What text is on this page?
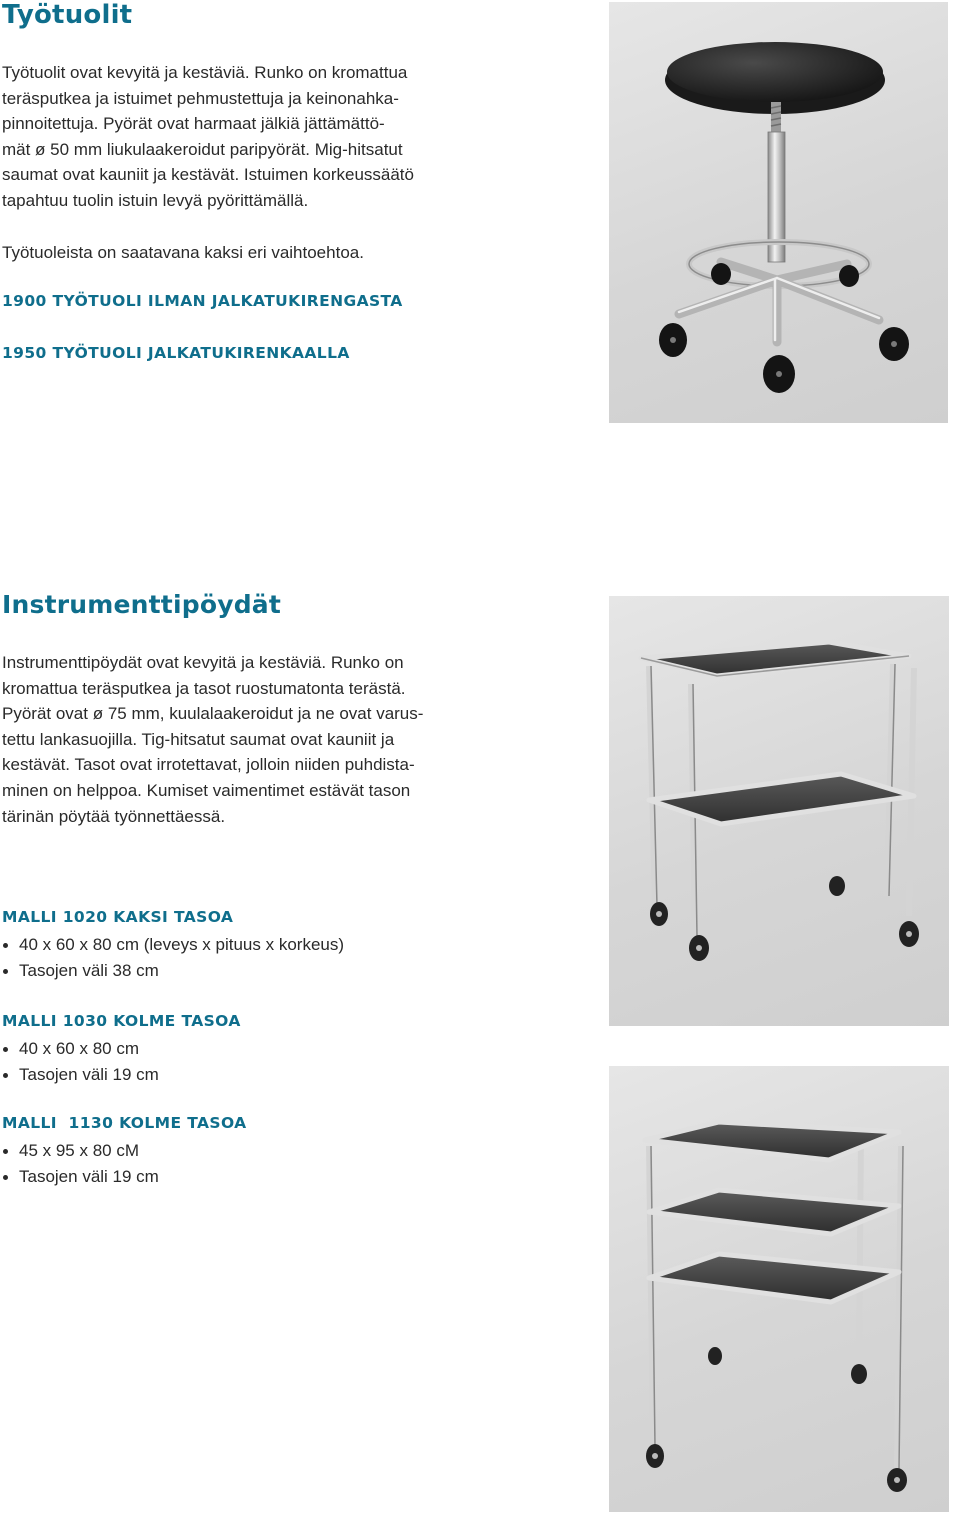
Työtuolit
Työtuolit ovat kevyitä ja kestäviä. Runko on kromattua
teräsputkea ja istuimet pehmustettuja ja keinonahka-
pinnoitettuja. Pyörät ovat harmaat jälkiä jättämättö-
mät ø 50 mm liukulaakeroidut paripyörät. Mig-hitsatut
saumat ovat kauniit ja kestävät. Istuimen korkeussäätö
tapahtuu tuolin istuin levyä pyörittämällä.

Työtuoleista on saatavana kaksi eri vaihtoehtoa.

1900 TYÖTUOLI ILMAN JALKATUKIRENGASTA
1950 TYÖTUOLI JALKATUKIRENKAALLA
Instrumenttipöydät
Instrumenttipöydät ovat kevyitä ja kestäviä. Runko on
kromattua teräsputkea ja tasot ruostumatonta terästä.
Pyörät ovat ø 75 mm, kuulalaakeroidut ja ne ovat varus-
tettu lankasuojilla. Tig-hitsatut saumat ovat kauniit ja
kestävät. Tasot ovat irrotettavat, jolloin niiden puhdista-
minen on helppoa. Kumiset vaimentimet estävät tason
tärinän pöytää työnnettäessä.
MALLI 1020 KAKSI TASOA
40 x 60 x 80 cm (leveys x pituus x korkeus)
Tasojen väli 38 cm
MALLI 1030 KOLME TASOA
40 x 60 x 80 cm
Tasojen väli 19 cm
MALLI  1130 KOLME TASOA
45 x 95 x 80 cM
Tasojen väli 19 cm
